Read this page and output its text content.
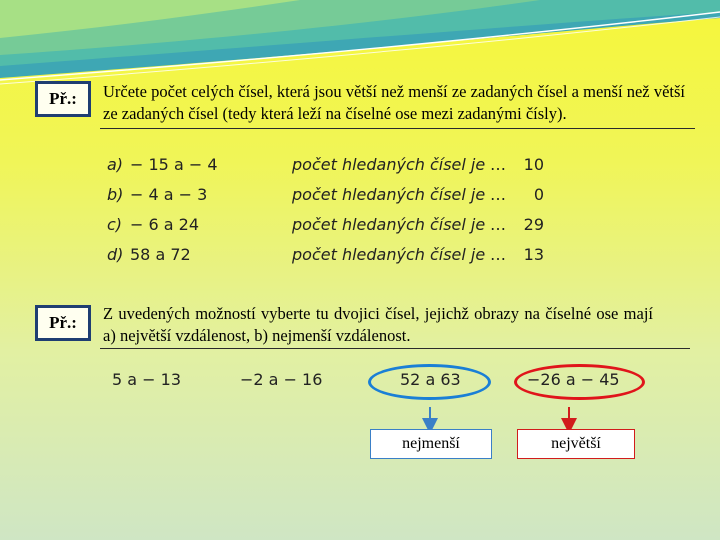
Př.: Určete počet celých čísel, která jsou větší než menší ze zadaných čísel a menší než větší ze zadaných čísel (tedy která leží na číselné ose mezi zadanými čísly).
a) − 15 a − 4	počet hledaných čísel je … 10
b) − 4 a − 3	počet hledaných čísel je … 0
c) − 6 a 24	počet hledaných čísel je … 29
d) 58 a 72	počet hledaných čísel je … 13
Př.: Z uvedených možností vyberte tu dvojici čísel, jejichž obrazy na číselné ose mají a) největší vzdálenost, b) nejmenší vzdálenost.
5 a − 13	−2 a − 16	52 a 63	−26 a − 45
nejmenší	největší
